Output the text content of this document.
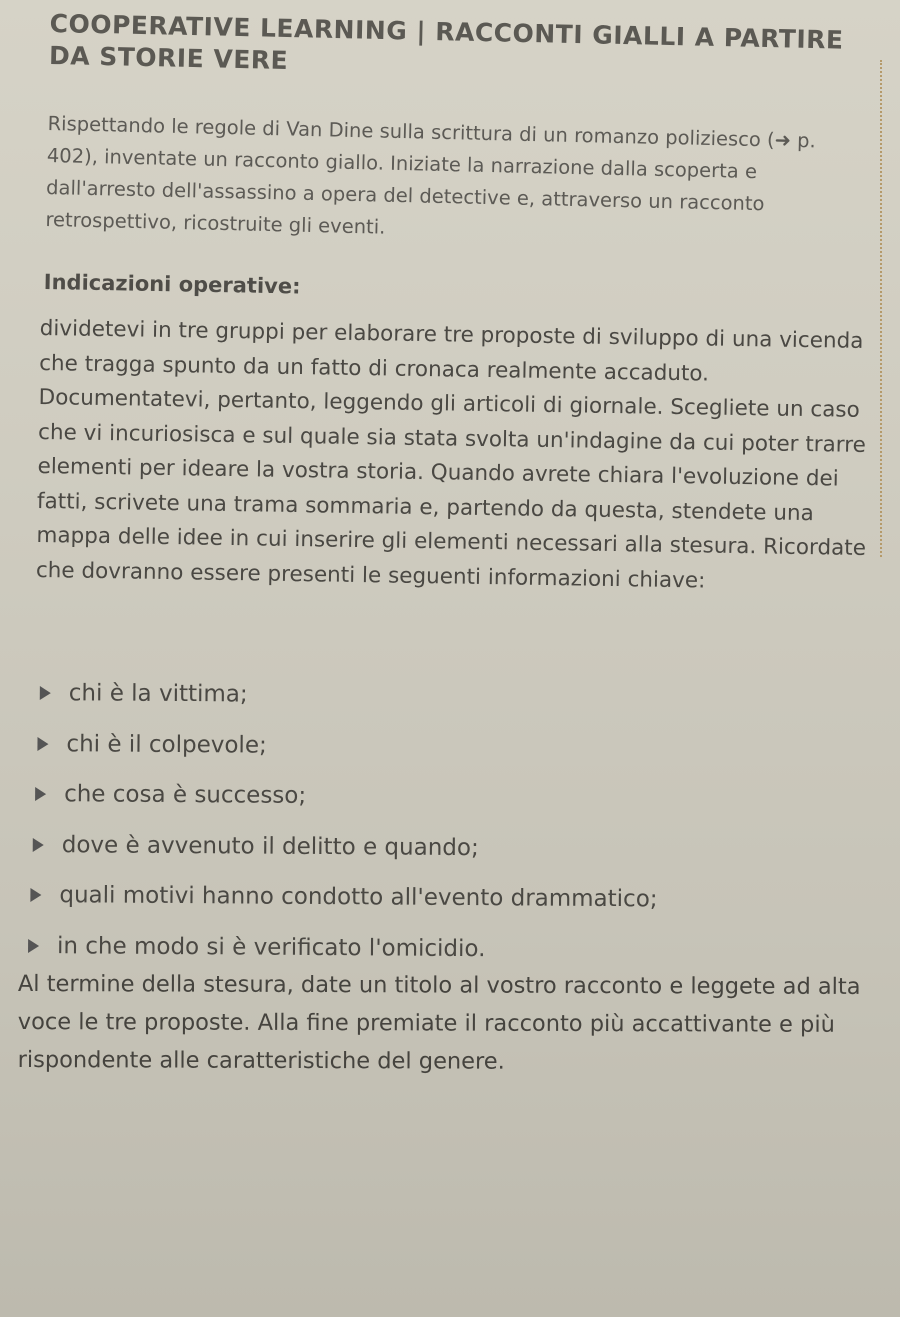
COOPERATIVE LEARNING | RACCONTI GIALLI A PARTIRE DA STORIE VERE

Rispettando le regole di Van Dine sulla scrittura di un romanzo poliziesco (➜ p. 402), inventate un racconto giallo. Iniziate la narrazione dalla scoperta e dall'arresto dell'assassino a opera del detective e, attraverso un racconto retrospettivo, ricostruite gli eventi.

Indicazioni operative:

dividetevi in tre gruppi per elaborare tre proposte di sviluppo di una vicenda che tragga spunto da un fatto di cronaca realmente accaduto. Documentatevi, pertanto, leggendo gli articoli di giornale. Scegliete un caso che vi incuriosisca e sul quale sia stata svolta un'indagine da cui poter trarre elementi per ideare la vostra storia. Quando avrete chiara l'evoluzione dei fatti, scrivete una trama sommaria e, partendo da questa, stendete una mappa delle idee in cui inserire gli elementi necessari alla stesura. Ricordate che dovranno essere presenti le seguenti informazioni chiave:

chi è la vittima;
chi è il colpevole;
che cosa è successo;
dove è avvenuto il delitto e quando;
quali motivi hanno condotto all'evento drammatico;
in che modo si è verificato l'omicidio.

Al termine della stesura, date un titolo al vostro racconto e leggete ad alta voce le tre proposte. Alla fine premiate il racconto più accattivante e più rispondente alle caratteristiche del genere.
